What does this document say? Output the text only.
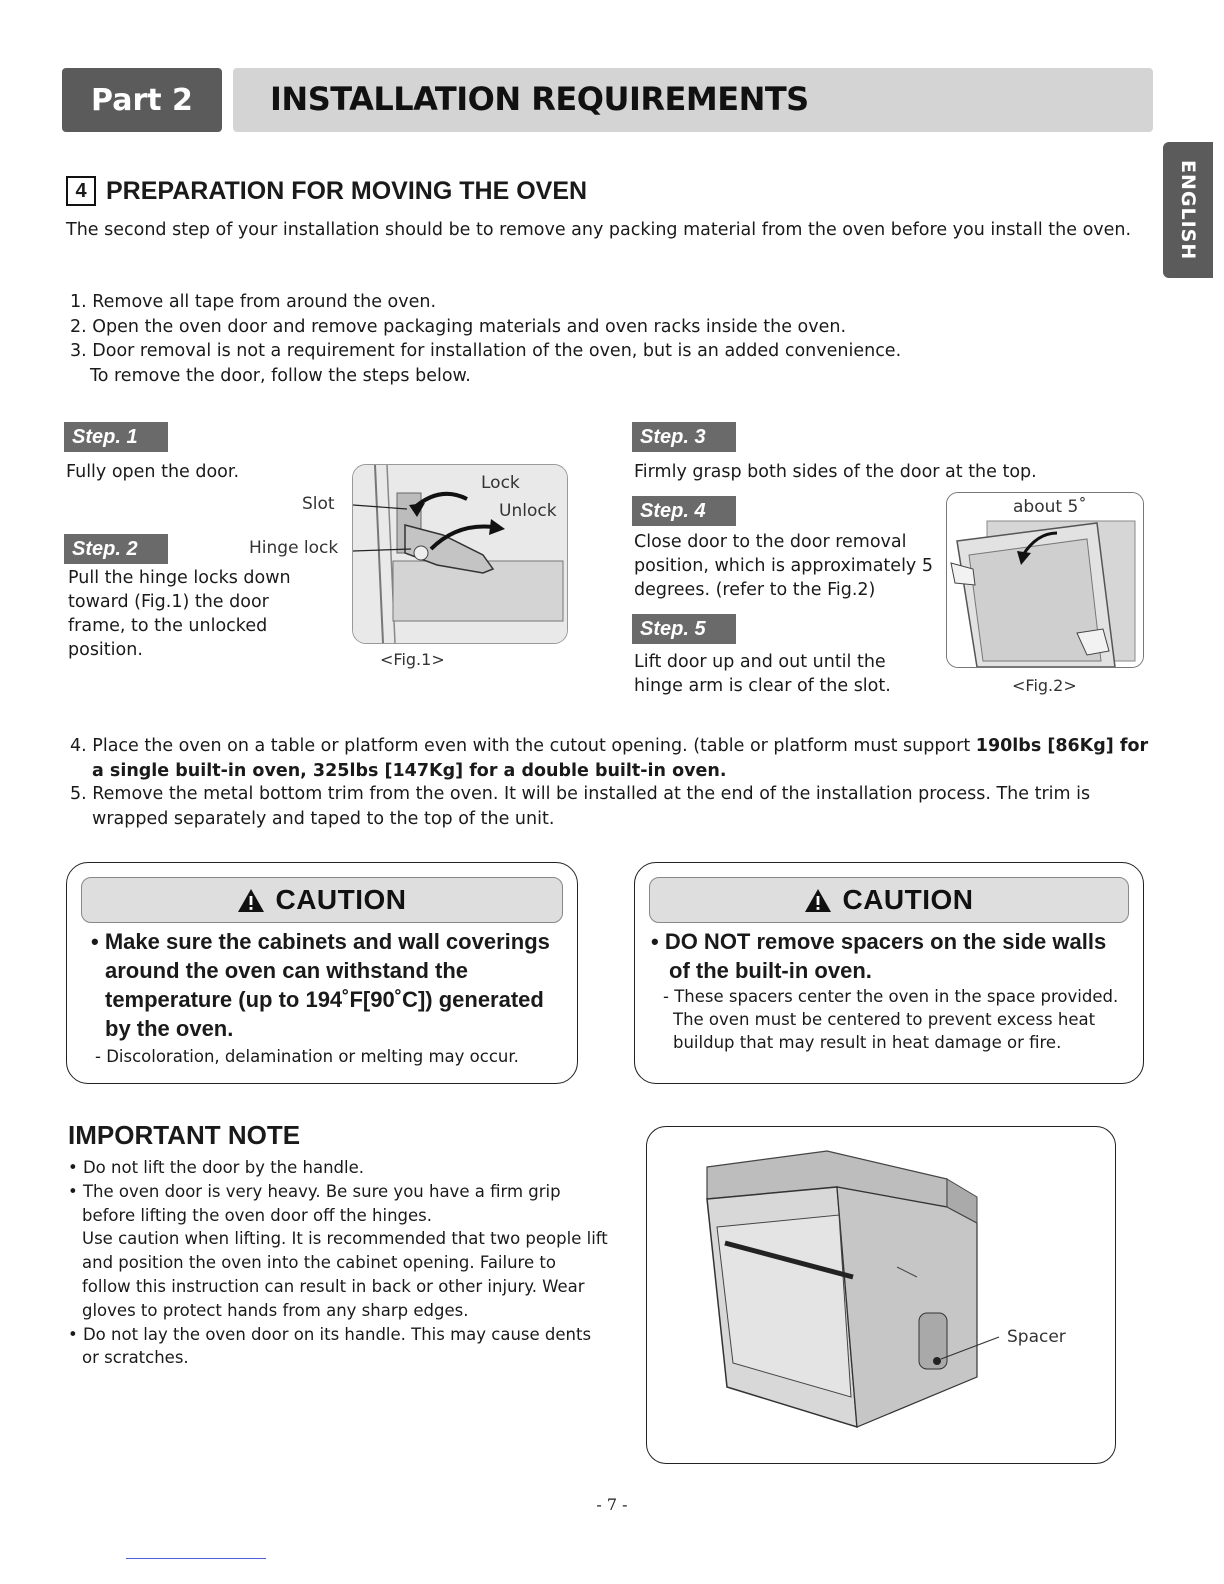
Part 2	INSTALLATION REQUIREMENTS
ENGLISH
4 PREPARATION FOR MOVING THE OVEN
The second step of your installation should be to remove any packing material from the oven before you install the oven.
1. Remove all tape from around the oven.
2. Open the oven door and remove packaging materials and oven racks inside the oven.
3. Door removal is not a requirement for installation of the oven, but is an added convenience.
To remove the door, follow the steps below.
Step. 1
Fully open the door.
Step. 2
Pull the hinge locks down toward (Fig.1) the door frame, to the unlocked position.
Slot
Hinge lock
Lock
Unlock
<Fig.1>
Step. 3
Firmly grasp both sides of the door at the top.
Step. 4
Close door to the door removal position, which is approximately 5 degrees. (refer to the Fig.2)
Step. 5
Lift door up and out until the hinge arm is clear of the slot.
about 5˚
<Fig.2>
4. Place the oven on a table or platform even with the cutout opening. (table or platform must support 190lbs [86Kg] for a single built-in oven, 325lbs [147Kg] for a double built-in oven.
5. Remove the metal bottom trim from the oven. It will be installed at the end of the installation process. The trim is wrapped separately and taped to the top of the unit.
CAUTION
• Make sure the cabinets and wall coverings around the oven can withstand the temperature (up to 194˚F[90˚C]) generated by the oven.
- Discoloration, delamination or melting may occur.
CAUTION
• DO NOT remove spacers on the side walls of the built-in oven.
- These spacers center the oven in the space provided. The oven must be centered to prevent excess heat buildup that may result in heat damage or fire.
IMPORTANT NOTE
• Do not lift the door by the handle.
• The oven door is very heavy. Be sure you have a firm grip before lifting the oven door off the hinges.
Use caution when lifting. It is recommended that two people lift and position the oven into the cabinet opening. Failure to follow this instruction can result in back or other injury. Wear gloves to protect hands from any sharp edges.
• Do not lay the oven door on its handle. This may cause dents or scratches.
Spacer
- 7 -
